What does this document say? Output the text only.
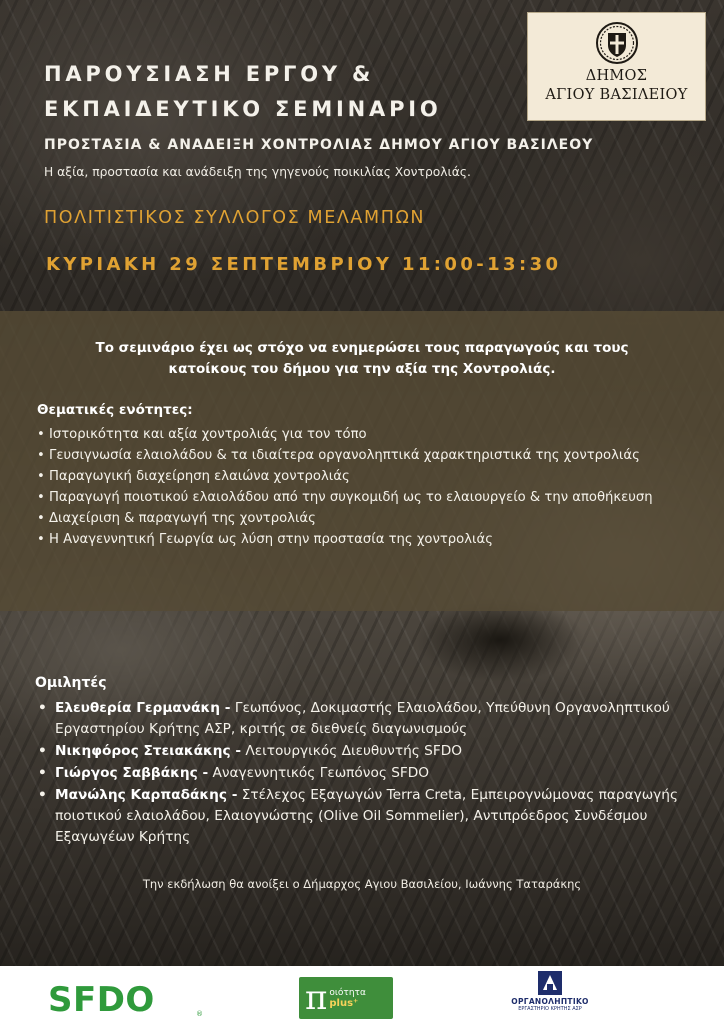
ΔΗΜΟΣ
ΑΓΙΟΥ ΒΑΣΙΛΕΙΟΥ
ΠΑΡΟΥΣΙΑΣΗ ΕΡΓΟΥ &
ΕΚΠΑΙΔΕΥΤΙΚΟ ΣΕΜΙΝΑΡΙΟ
ΠΡΟΣΤΑΣΙΑ & ΑΝΑΔΕΙΞΗ ΧΟΝΤΡΟΛΙΑΣ ΔΗΜΟΥ ΑΓΙΟΥ ΒΑΣΙΛΕΟΥ
Η αξία, προστασία και ανάδειξη της γηγενούς ποικιλίας Χοντρολιάς.
ΠΟΛΙΤΙΣΤΙΚΟΣ ΣΥΛΛΟΓΟΣ ΜΕΛΑΜΠΩΝ
ΚΥΡΙΑΚΗ 29 ΣΕΠΤΕΜΒΡΙΟΥ 11:00-13:30
Το σεμινάριο έχει ως στόχο να ενημερώσει τους παραγωγούς και τους
κατοίκους του δήμου για την αξία της Χοντρολιάς.
Θεματικές ενότητες:
• Ιστορικότητα και αξία χοντρολιάς για τον τόπο
• Γευσιγνωσία ελαιολάδου & τα ιδιαίτερα οργανοληπτικά χαρακτηριστικά της χοντρολιάς
• Παραγωγική διαχείρηση ελαιώνα χοντρολιάς
• Παραγωγή ποιοτικού ελαιολάδου από την συγκομιδή ως το ελαιουργείο & την αποθήκευση
• Διαχείριση & παραγωγή της χοντρολιάς
• Η Αναγεννητική Γεωργία ως λύση στην προστασία της χοντρολιάς
Ομιλητές
• Ελευθερία Γερμανάκη - Γεωπόνος, Δοκιμαστής Ελαιολάδου, Υπεύθυνη Οργανοληπτικού Εργαστηρίου Κρήτης ΑΣΡ, κριτής σε διεθνείς διαγωνισμούς
• Νικηφόρος Στειακάκης - Λειτουργικός Διευθυντής SFDO
• Γιώργος Σαββάκης - Αναγεννητικός Γεωπόνος SFDO
• Μανώλης Καρπαδάκης - Στέλεχος Εξαγωγών Terra Creta, Εμπειρογνώμονας παραγωγής ποιοτικού ελαιολάδου, Ελαιογνώστης (Olive Oil Sommelier), Αντιπρόεδρος Συνδέσμου Εξαγωγέων Κρήτης
Την εκδήλωση θα ανοίξει ο Δήμαρχος Αγιου Βασιλείου, Ιωάννης Ταταράκης
SFDO	®	π οιότητα
plus⁺	ΟΡΓΑΝΟΛΗΠΤΙΚΟ
ΕΡΓΑΣΤΗΡΙΟ ΚΡΗΤΗΣ ΑΣΡ
